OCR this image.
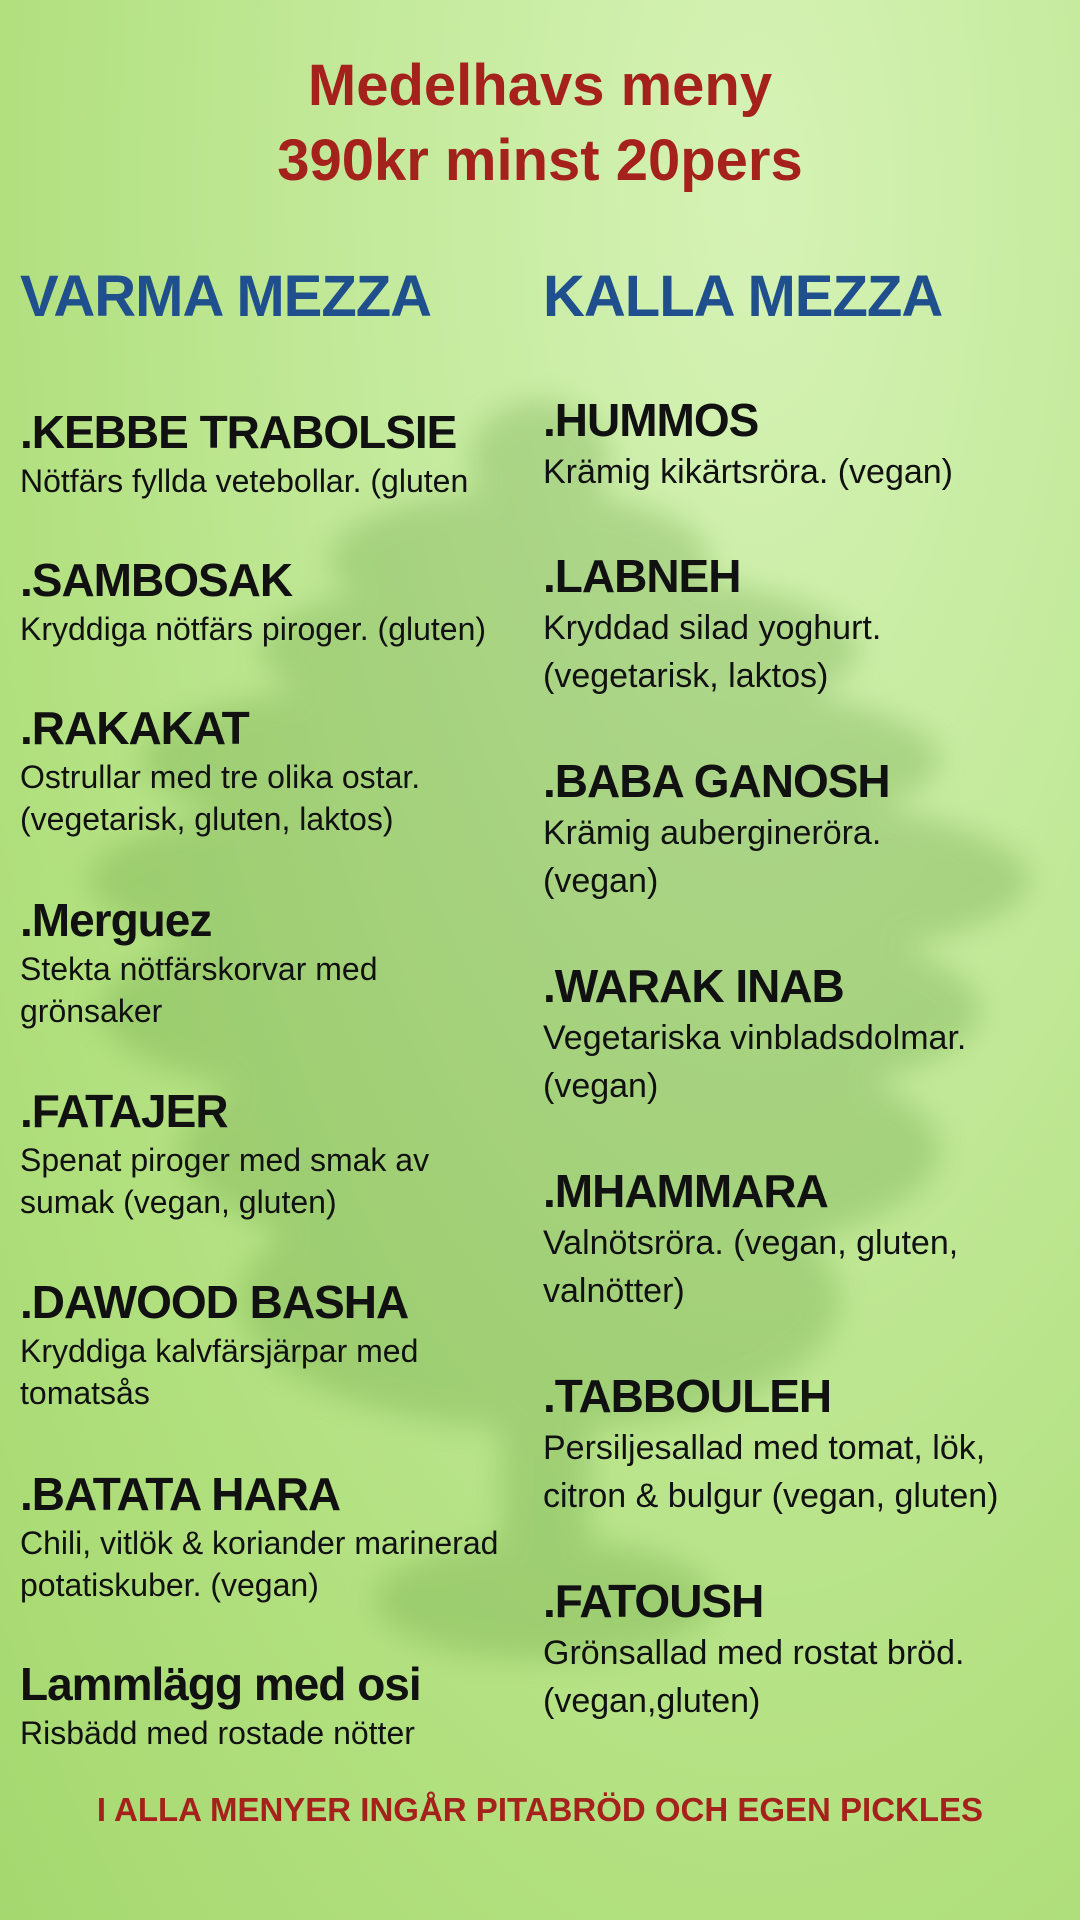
Medelhavs meny
390kr minst 20pers
VARMA MEZZA KALLA MEZZA
.KEBBE TRABOLSIE
Nötfärs fyllda vetebollar. (gluten
.SAMBOSAK
Kryddiga nötfärs piroger. (gluten)
.RAKAKAT
Ostrullar med tre olika ostar. (vegetarisk, gluten, laktos)
.Merguez
Stekta nötfärskorvar med grönsaker
.FATAJER
Spenat piroger med smak av sumak (vegan, gluten)
.DAWOOD BASHA
Kryddiga kalvfärsjärpar med tomatsås
.BATATA HARA
Chili, vitlök & koriander marinerad potatiskuber. (vegan)
Lammlägg med osi
Risbädd med rostade nötter
.HUMMOS
Krämig kikärtsröra. (vegan)
.LABNEH
Kryddad silad yoghurt. (vegetarisk, laktos)
.BABA GANOSH
Krämig aubergineröra. (vegan)
.WARAK INAB
Vegetariska vinbladsdolmar. (vegan)
.MHAMMARA
Valnötsröra. (vegan, gluten, valnötter)
.TABBOULEH
Persiljesallad med tomat, lök, citron & bulgur (vegan, gluten)
.FATOUSH
Grönsallad med rostat bröd. (vegan,gluten)
I ALLA MENYER INGÅR PITABRÖD OCH EGEN PICKLES
